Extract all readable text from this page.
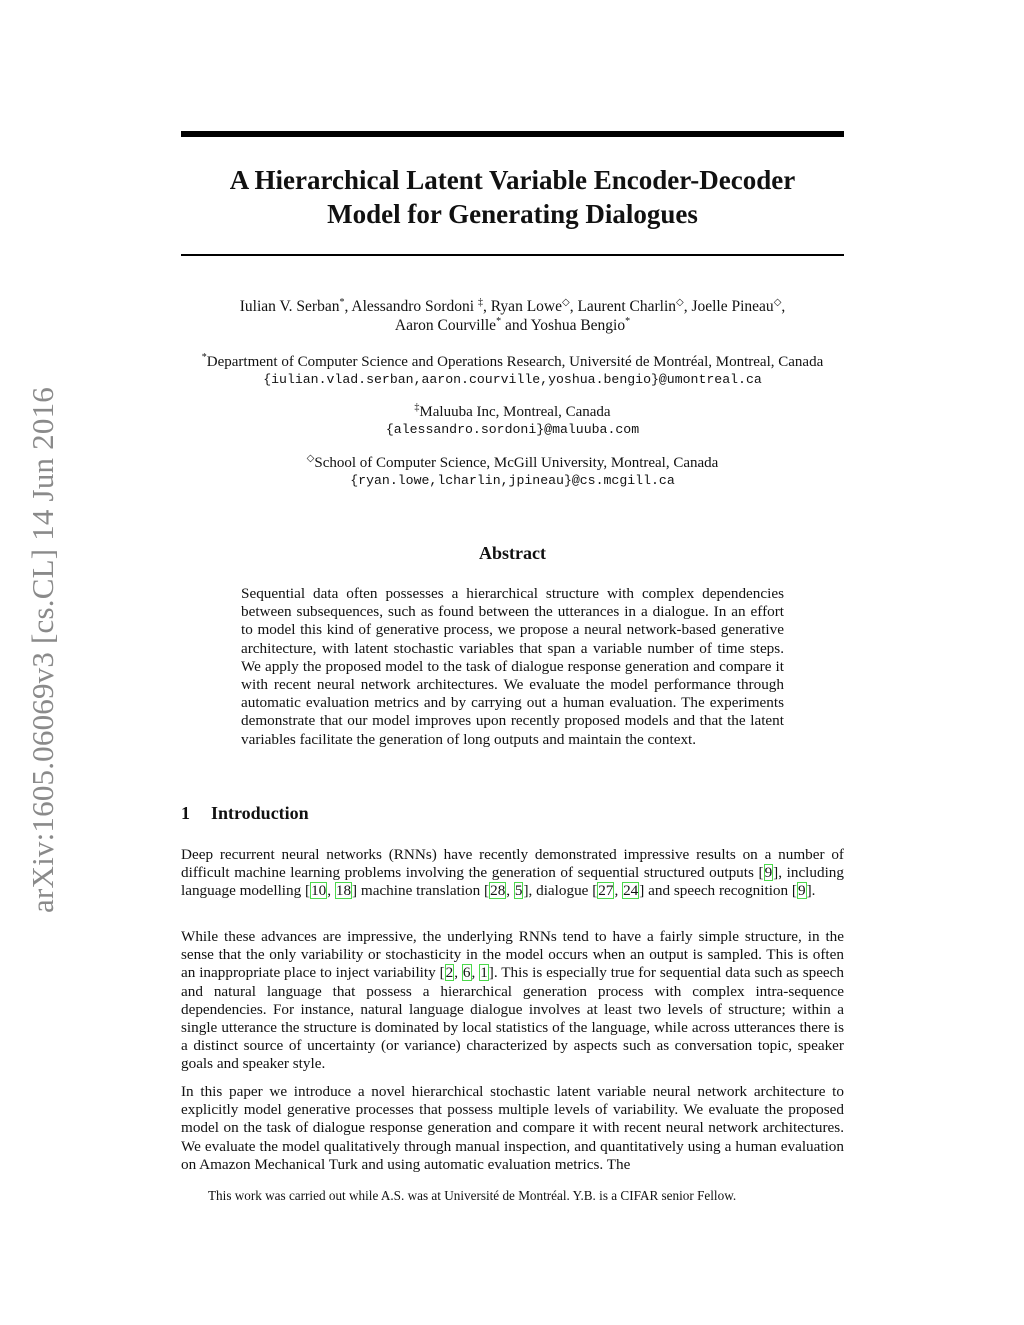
arXiv:1605.06069v3 [cs.CL] 14 Jun 2016
A Hierarchical Latent Variable Encoder-Decoder
Model for Generating Dialogues
Iulian V. Serban*, Alessandro Sordoni ‡, Ryan Lowe◇, Laurent Charlin◇, Joelle Pineau◇,
Aaron Courville* and Yoshua Bengio*
*Department of Computer Science and Operations Research, Université de Montréal, Montreal, Canada
{iulian.vlad.serban,aaron.courville,yoshua.bengio}@umontreal.ca
‡Maluuba Inc, Montreal, Canada
{alessandro.sordoni}@maluuba.com
◇School of Computer Science, McGill University, Montreal, Canada
{ryan.lowe,lcharlin,jpineau}@cs.mcgill.ca
Abstract

Sequential data often possesses a hierarchical structure with complex dependencies between subsequences, such as found between the utterances in a dialogue. In an effort to model this kind of generative process, we propose a neural network-based generative architecture, with latent stochastic variables that span a variable number of time steps. We apply the proposed model to the task of dialogue response generation and compare it with recent neural network architectures. We evaluate the model performance through automatic evaluation metrics and by carrying out a human evaluation. The experiments demonstrate that our model improves upon recently proposed models and that the latent variables facilitate the generation of long outputs and maintain the context.

1 Introduction

Deep recurrent neural networks (RNNs) have recently demonstrated impressive results on a number of difficult machine learning problems involving the generation of sequential structured outputs [9], including language modelling [10, 18] machine translation [28, 5], dialogue [27, 24] and speech recognition [9].

While these advances are impressive, the underlying RNNs tend to have a fairly simple structure, in the sense that the only variability or stochasticity in the model occurs when an output is sampled. This is often an inappropriate place to inject variability [2, 6, 1]. This is especially true for sequential data such as speech and natural language that possess a hierarchical generation process with complex intra-sequence dependencies. For instance, natural language dialogue involves at least two levels of structure; within a single utterance the structure is dominated by local statistics of the language, while across utterances there is a distinct source of uncertainty (or variance) characterized by aspects such as conversation topic, speaker goals and speaker style.

In this paper we introduce a novel hierarchical stochastic latent variable neural network architecture to explicitly model generative processes that possess multiple levels of variability. We evaluate the proposed model on the task of dialogue response generation and compare it with recent neural network architectures. We evaluate the model qualitatively through manual inspection, and quantitatively using a human evaluation on Amazon Mechanical Turk and using automatic evaluation metrics. The

This work was carried out while A.S. was at Université de Montréal. Y.B. is a CIFAR senior Fellow.
